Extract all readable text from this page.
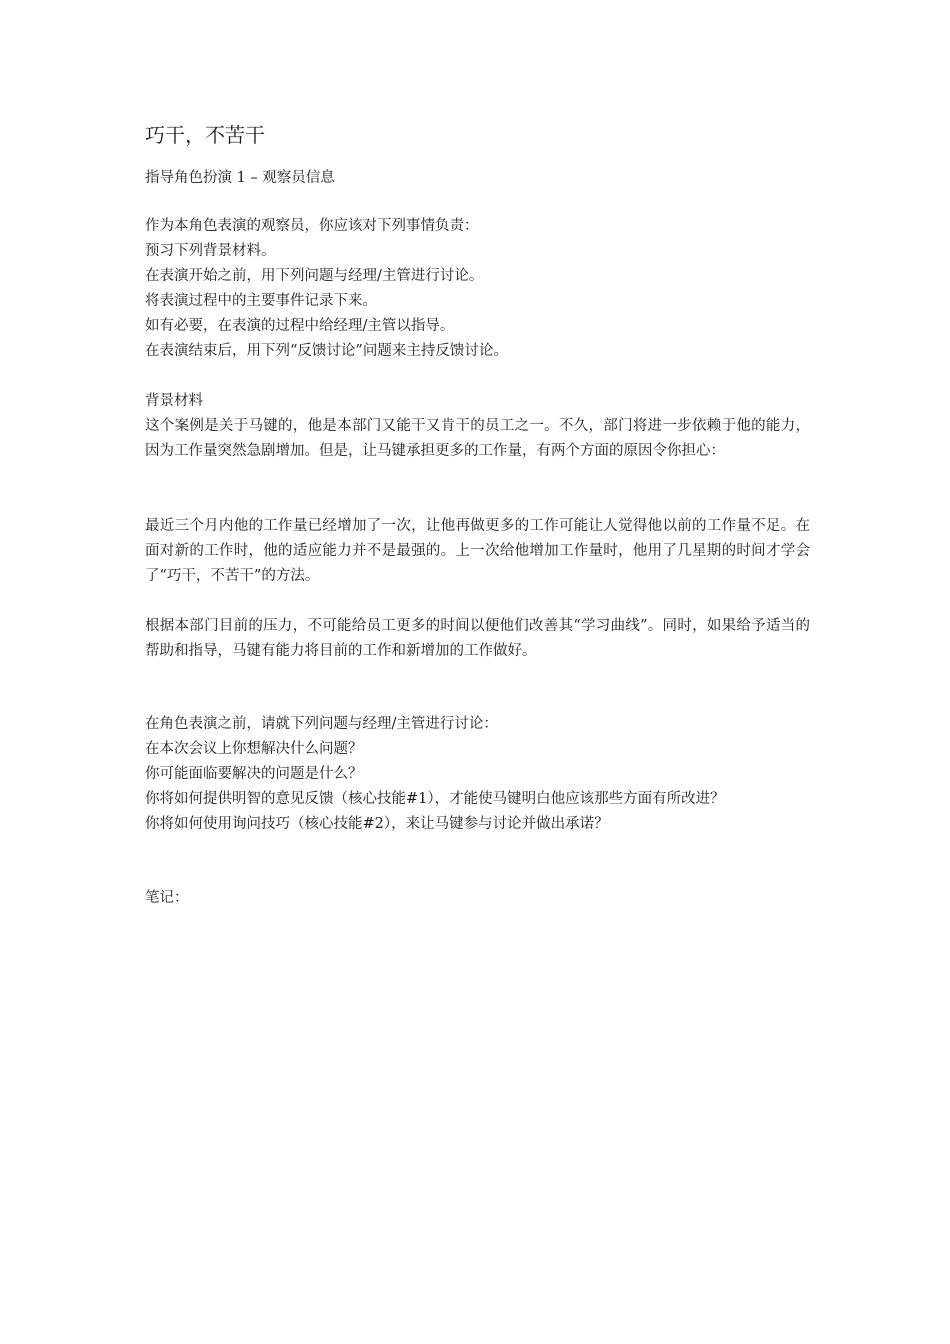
巧干，不苦干

指导角色扮演 1 – 观察员信息

作为本角色表演的观察员，你应该对下列事情负责：
预习下列背景材料。
在表演开始之前，用下列问题与经理/主管进行讨论。
将表演过程中的主要事件记录下来。
如有必要，在表演的过程中给经理/主管以指导。
在表演结束后，用下列“反馈讨论”问题来主持反馈讨论。
背景材料
这个案例是关于马键的，他是本部门又能干又肯干的员工之一。不久，部门将进一步依赖于他的能力，因为工作量突然急剧增加。但是，让马键承担更多的工作量，有两个方面的原因令你担心：
最近三个月内他的工作量已经增加了一次，让他再做更多的工作可能让人觉得他以前的工作量不足。在面对新的工作时，他的适应能力并不是最强的。上一次给他增加工作量时，他用了几星期的时间才学会了“巧干，不苦干”的方法。
根据本部门目前的压力，不可能给员工更多的时间以便他们改善其“学习曲线”。同时，如果给予适当的帮助和指导，马键有能力将目前的工作和新增加的工作做好。
在角色表演之前，请就下列问题与经理/主管进行讨论：
在本次会议上你想解决什么问题？
你可能面临要解决的问题是什么？
你将如何提供明智的意见反馈（核心技能#1），才能使马键明白他应该那些方面有所改进？
你将如何使用询问技巧（核心技能#2），来让马键参与讨论并做出承诺？
笔记：
